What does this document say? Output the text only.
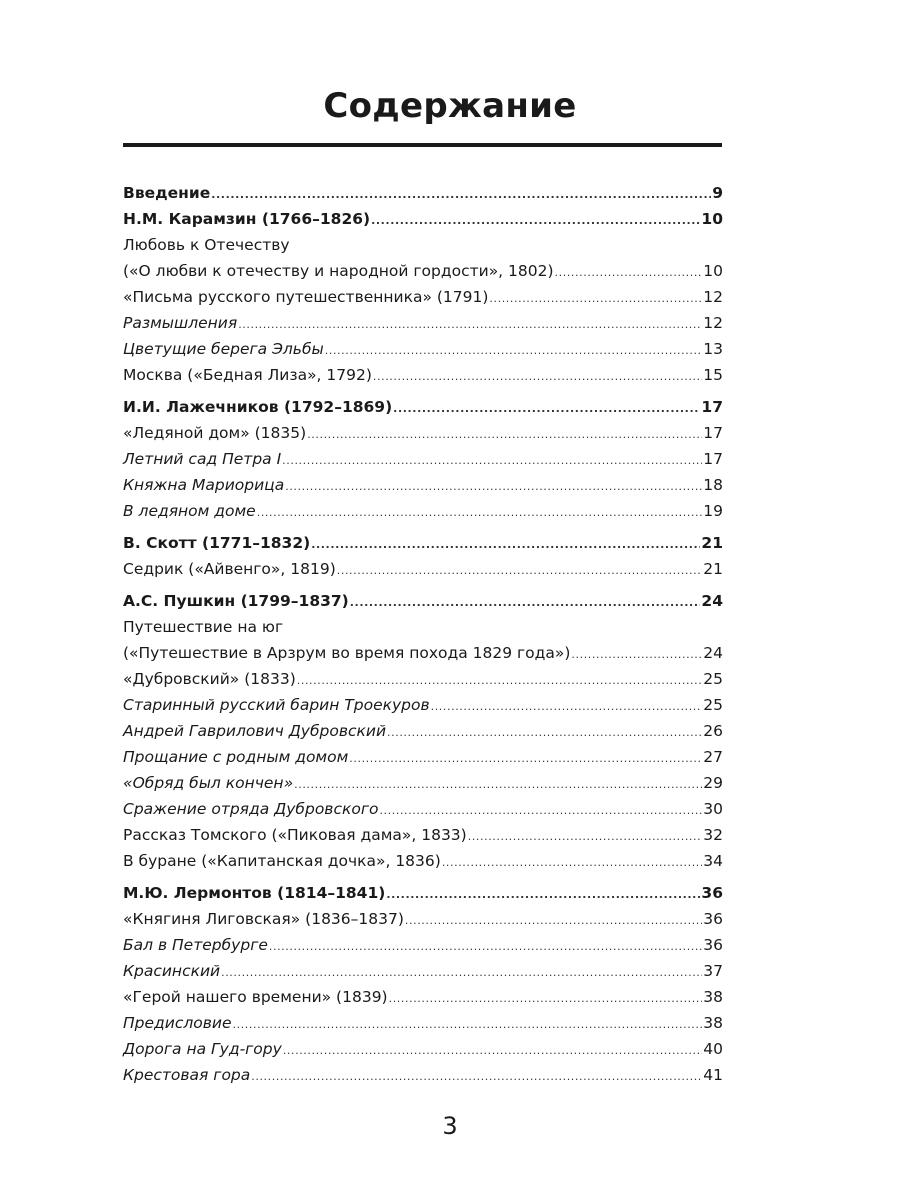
Содержание
Введение .....	9
Н.М. Карамзин (1766–1826) .....	10
Любовь к Отечеству
(«О любви к отечеству и народной гордости», 1802) .....	10
«Письма русского путешественника» (1791) .....	12
Размышления .....	12
Цветущие берега Эльбы .....	13
Москва («Бедная Лиза», 1792) .....	15
И.И. Лажечников (1792–1869) .....	17
«Ледяной дом» (1835) .....	17
Летний сад Петра I .....	17
Княжна Мариорица .....	18
В ледяном доме .....	19
В. Скотт (1771–1832) .....	21
Седрик («Айвенго», 1819) .....	21
А.С. Пушкин (1799–1837) .....	24
Путешествие на юг
(«Путешествие в Арзрум во время похода 1829 года») .....	24
«Дубровский» (1833) .....	25
Старинный русский барин Троекуров .....	25
Андрей Гаврилович Дубровский .....	26
Прощание с родным домом .....	27
«Обряд был кончен» .....	29
Сражение отряда Дубровского .....	30
Рассказ Томского («Пиковая дама», 1833) .....	32
В буране («Капитанская дочка», 1836) .....	34
М.Ю. Лермонтов (1814–1841) .....	36
«Княгиня Лиговская» (1836–1837) .....	36
Бал в Петербурге .....	36
Красинский .....	37
«Герой нашего времени» (1839) .....	38
Предисловие .....	38
Дорога на Гуд-гору .....	40
Крестовая гора .....	41
3
